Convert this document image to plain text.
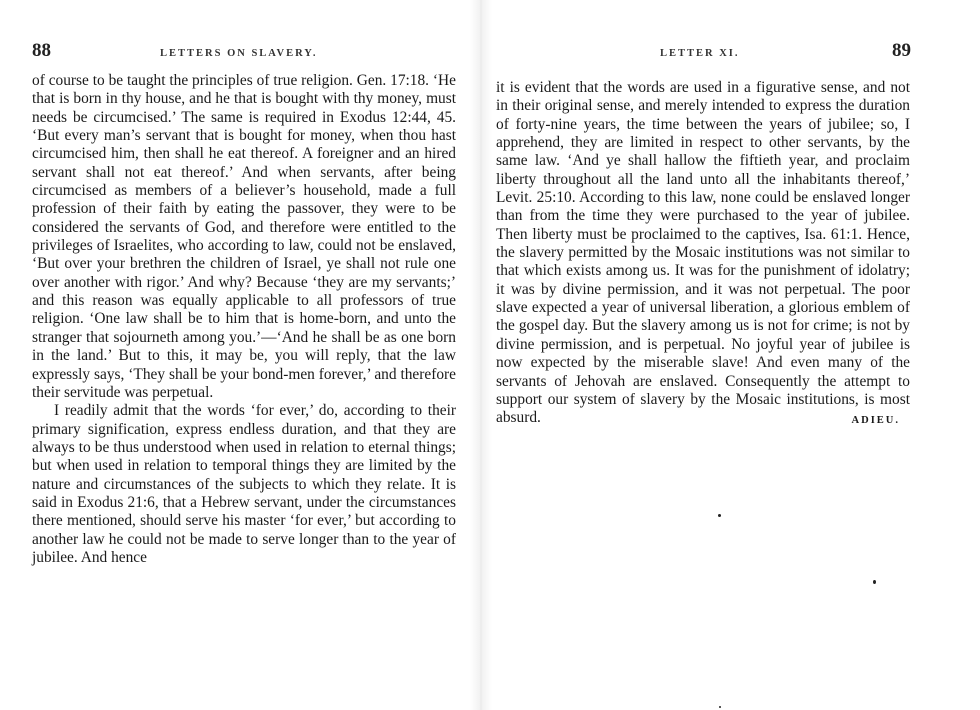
88	LETTERS ON SLAVERY.

of course to be taught the principles of true religion. Gen. 17:18. ‘He that is born in thy house, and he that is bought with thy money, must needs be circumcised.’ The same is required in Exodus 12:44, 45. ‘But every man’s servant that is bought for money, when thou hast circumcised him, then shall he eat thereof. A foreigner and an hired servant shall not eat thereof.’ And when servants, after being circumcised as members of a believer’s household, made a full profession of their faith by eating the passover, they were to be considered the servants of God, and therefore were entitled to the privileges of Israelites, who according to law, could not be enslaved, ‘But over your brethren the children of Israel, ye shall not rule one over another with rigor.’ And why? Because ‘they are my servants;’ and this reason was equally applicable to all professors of true religion. ‘One law shall be to him that is home-born, and unto the stranger that sojourneth among you.’—‘And he shall be as one born in the land.’ But to this, it may be, you will reply, that the law expressly says, ‘They shall be your bond-men forever,’ and therefore their servitude was perpetual.

I readily admit that the words ‘for ever,’ do, according to their primary signification, express endless duration, and that they are always to be thus understood when used in relation to eternal things; but when used in relation to temporal things they are limited by the nature and circumstances of the subjects to which they relate. It is said in Exodus 21:6, that a Hebrew servant, under the circumstances there mentioned, should serve his master ‘for ever,’ but according to another law he could not be made to serve longer than to the year of jubilee. And hence

LETTER XI.	89

it is evident that the words are used in a figurative sense, and not in their original sense, and merely intended to express the duration of forty-nine years, the time between the years of jubilee; so, I apprehend, they are limited in respect to other servants, by the same law. ‘And ye shall hallow the fiftieth year, and proclaim liberty throughout all the land unto all the inhabitants thereof,’ Levit. 25:10. According to this law, none could be enslaved longer than from the time they were purchased to the year of jubilee. Then liberty must be proclaimed to the captives, Isa. 61:1. Hence, the slavery permitted by the Mosaic institutions was not similar to that which exists among us. It was for the punishment of idolatry; it was by divine permission, and it was not perpetual. The poor slave expected a year of universal liberation, a glorious emblem of the gospel day. But the slavery among us is not for crime; is not by divine permission, and is perpetual. No joyful year of jubilee is now expected by the miserable slave! And even many of the servants of Jehovah are enslaved. Consequently the attempt to support our system of slavery by the Mosaic institutions, is most absurd.	ADIEU.
